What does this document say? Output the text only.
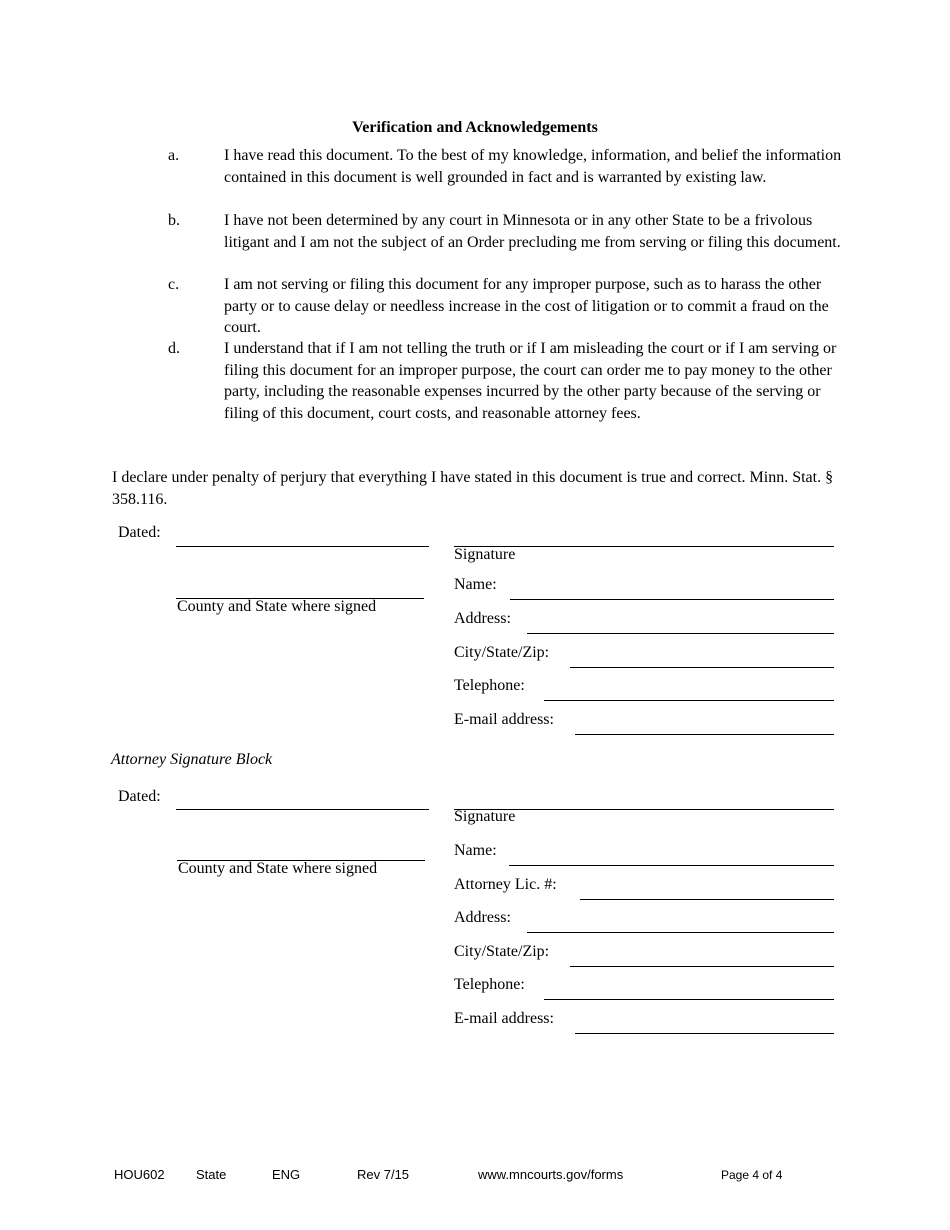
Verification and Acknowledgements
a.	I have read this document. To the best of my knowledge, information, and belief the information contained in this document is well grounded in fact and is warranted by existing law.
b.	I have not been determined by any court in Minnesota or in any other State to be a frivolous litigant and I am not the subject of an Order precluding me from serving or filing this document.
c.	I am not serving or filing this document for any improper purpose, such as to harass the other party or to cause delay or needless increase in the cost of litigation or to commit a fraud on the court.
d.	I understand that if I am not telling the truth or if I am misleading the court or if I am serving or filing this document for an improper purpose, the court can order me to pay money to the other party, including the reasonable expenses incurred by the other party because of the serving or filing of this document, court costs, and reasonable attorney fees.
I declare under penalty of perjury that everything I have stated in this document is true and correct. Minn. Stat. § 358.116.
Dated:
Signature
County and State where signed
Name:
Address:
City/State/Zip:
Telephone:
E-mail address:
Attorney Signature Block
Dated:
Signature
County and State where signed
Name:
Attorney Lic. #:
Address:
City/State/Zip:
Telephone:
E-mail address:
HOU602 State	ENG	Rev 7/15	www.mncourts.gov/forms	Page 4 of 4
